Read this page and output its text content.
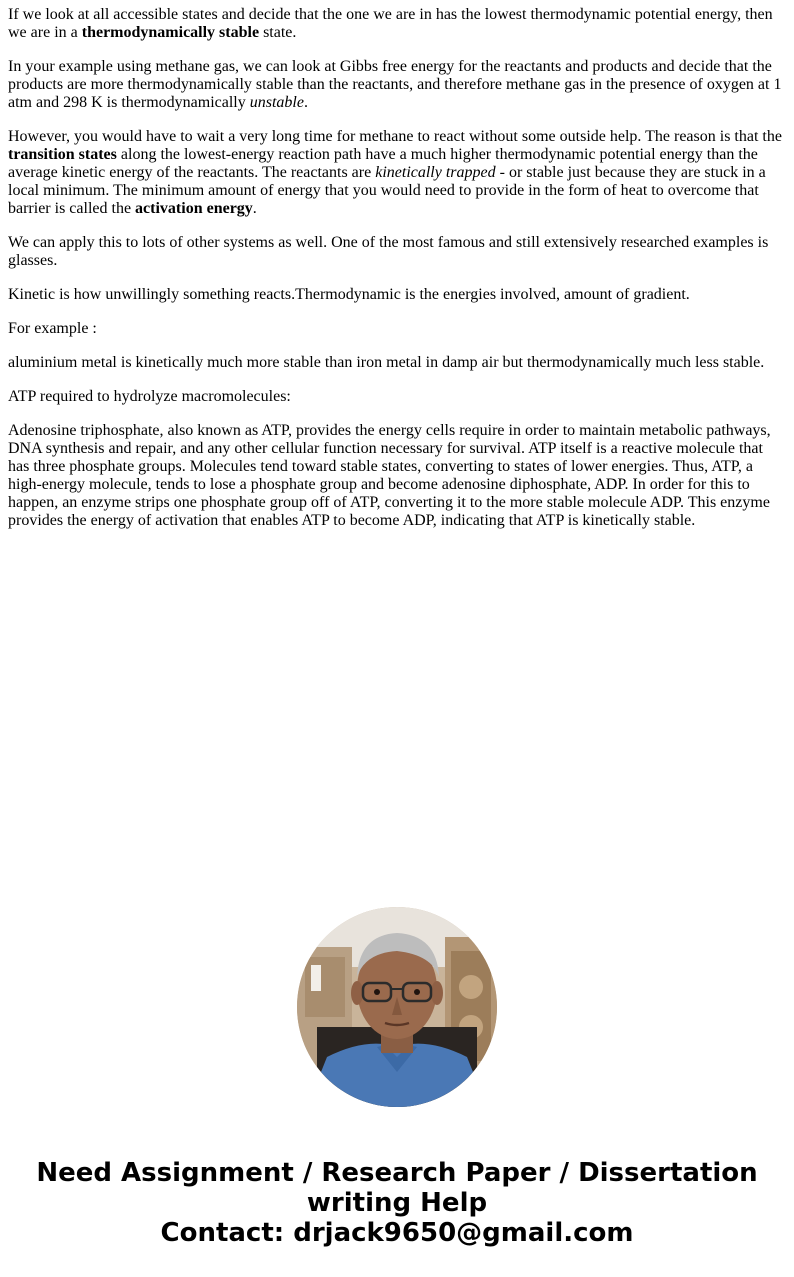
If we look at all accessible states and decide that the one we are in has the lowest thermodynamic potential energy, then we are in a thermodynamically stable state.

In your example using methane gas, we can look at Gibbs free energy for the reactants and products and decide that the products are more thermodynamically stable than the reactants, and therefore methane gas in the presence of oxygen at 1 atm and 298 K is thermodynamically unstable.

However, you would have to wait a very long time for methane to react without some outside help. The reason is that the transition states along the lowest-energy reaction path have a much higher thermodynamic potential energy than the average kinetic energy of the reactants. The reactants are kinetically trapped - or stable just because they are stuck in a local minimum. The minimum amount of energy that you would need to provide in the form of heat to overcome that barrier is called the activation energy.

We can apply this to lots of other systems as well. One of the most famous and still extensively researched examples is glasses.

Kinetic is how unwillingly something reacts.Thermodynamic is the energies involved, amount of gradient.

For example :

aluminium metal is kinetically much more stable than iron metal in damp air but thermodynamically much less stable.

ATP required to hydrolyze macromolecules:

Adenosine triphosphate, also known as ATP, provides the energy cells require in order to maintain metabolic pathways, DNA synthesis and repair, and any other cellular function necessary for survival. ATP itself is a reactive molecule that has three phosphate groups. Molecules tend toward stable states, converting to states of lower energies. Thus, ATP, a high-energy molecule, tends to lose a phosphate group and become adenosine diphosphate, ADP. In order for this to happen, an enzyme strips one phosphate group off of ATP, converting it to the more stable molecule ADP. This enzyme provides the energy of activation that enables ATP to become ADP, indicating that ATP is kinetically stable.

Need Assignment / Research Paper / Dissertation
writing Help
Contact: drjack9650@gmail.com
